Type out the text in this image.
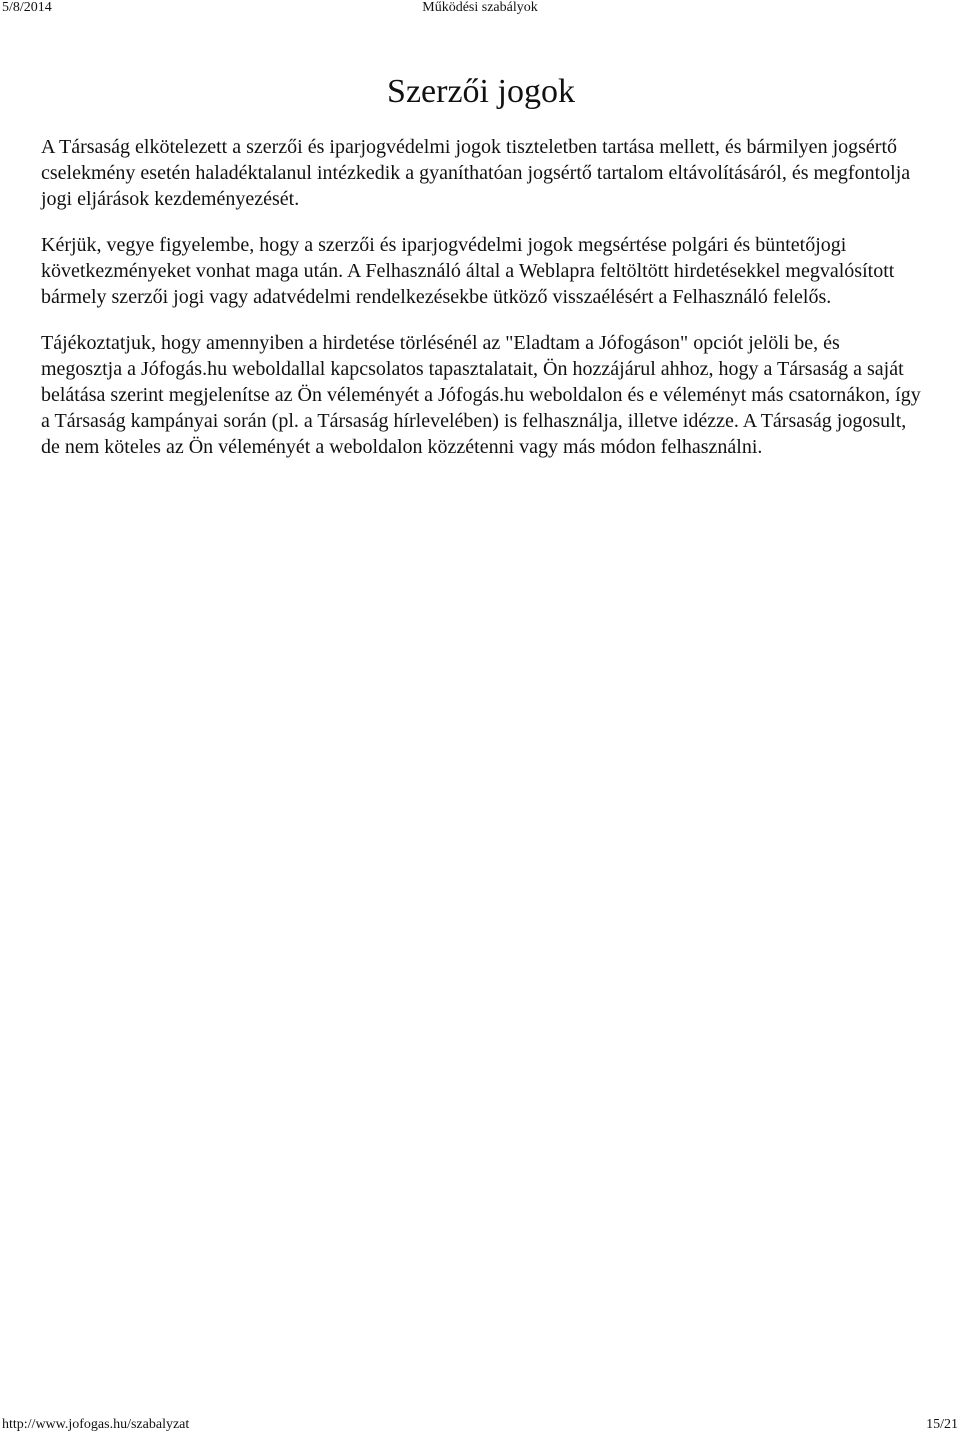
5/8/2014	Működési szabályok
Szerzői jogok

A Társaság elkötelezett a szerzői és iparjogvédelmi jogok tiszteletben tartása mellett, és bármilyen jogsértő cselekmény esetén haladéktalanul intézkedik a gyaníthatóan jogsértő tartalom eltávolításáról, és megfontolja jogi eljárások kezdeményezését.

Kérjük, vegye figyelembe, hogy a szerzői és iparjogvédelmi jogok megsértése polgári és büntetőjogi következményeket vonhat maga után. A Felhasználó által a Weblapra feltöltött hirdetésekkel megvalósított bármely szerzői jogi vagy adatvédelmi rendelkezésekbe ütköző visszaélésért a Felhasználó felelős.

Tájékoztatjuk, hogy amennyiben a hirdetése törlésénél az "Eladtam a Jófogáson" opciót jelöli be, és megosztja a Jófogás.hu weboldallal kapcsolatos tapasztalatait, Ön hozzájárul ahhoz, hogy a Társaság a saját belátása szerint megjelenítse az Ön véleményét a Jófogás.hu weboldalon és e véleményt más csatornákon, így a Társaság kampányai során (pl. a Társaság hírlevelében) is felhasználja, illetve idézze. A Társaság jogosult, de nem köteles az Ön véleményét a weboldalon közzétenni vagy más módon felhasználni.

http://www.jofogas.hu/szabalyzat	15/21
